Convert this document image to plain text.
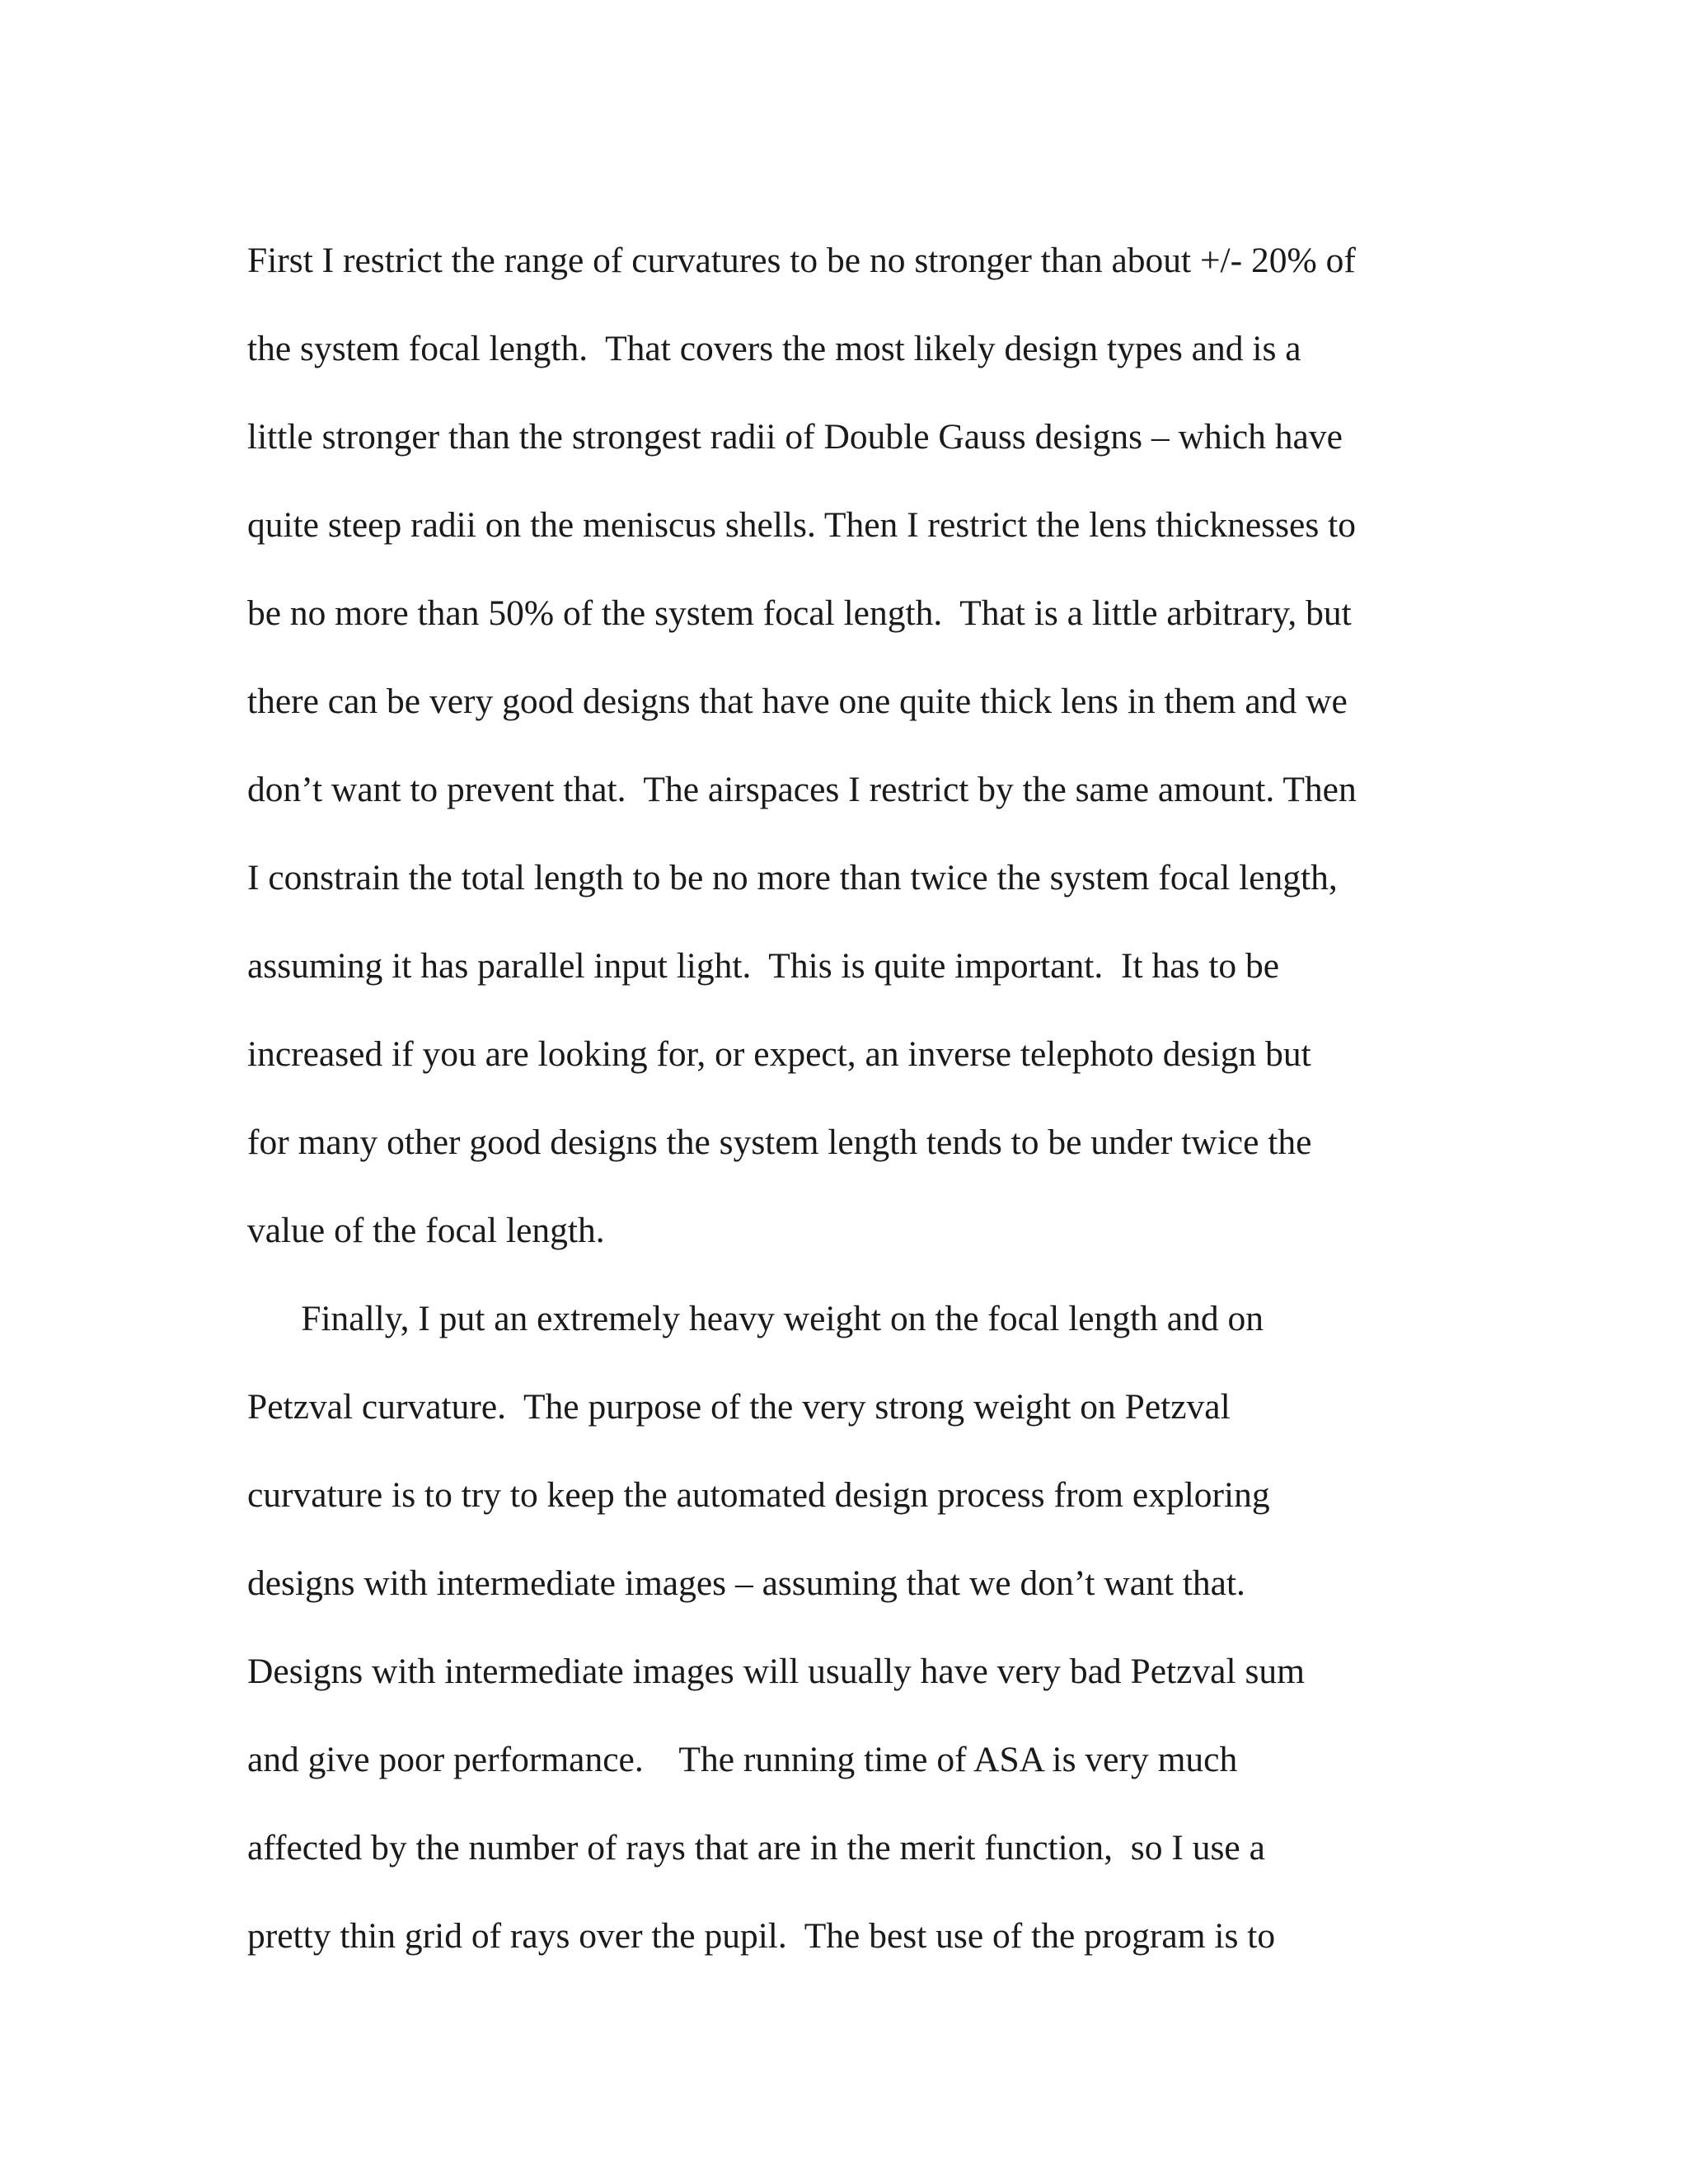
First I restrict the range of curvatures to be no stronger than about +/- 20% of
the system focal length.  That covers the most likely design types and is a
little stronger than the strongest radii of Double Gauss designs – which have
quite steep radii on the meniscus shells. Then I restrict the lens thicknesses to
be no more than 50% of the system focal length.  That is a little arbitrary, but
there can be very good designs that have one quite thick lens in them and we
don’t want to prevent that.  The airspaces I restrict by the same amount. Then
I constrain the total length to be no more than twice the system focal length,
assuming it has parallel input light.  This is quite important.  It has to be
increased if you are looking for, or expect, an inverse telephoto design but
for many other good designs the system length tends to be under twice the
value of the focal length.
Finally, I put an extremely heavy weight on the focal length and on
Petzval curvature.  The purpose of the very strong weight on Petzval
curvature is to try to keep the automated design process from exploring
designs with intermediate images – assuming that we don’t want that.
Designs with intermediate images will usually have very bad Petzval sum
and give poor performance.    The running time of ASA is very much
affected by the number of rays that are in the merit function,  so I use a
pretty thin grid of rays over the pupil.  The best use of the program is to
